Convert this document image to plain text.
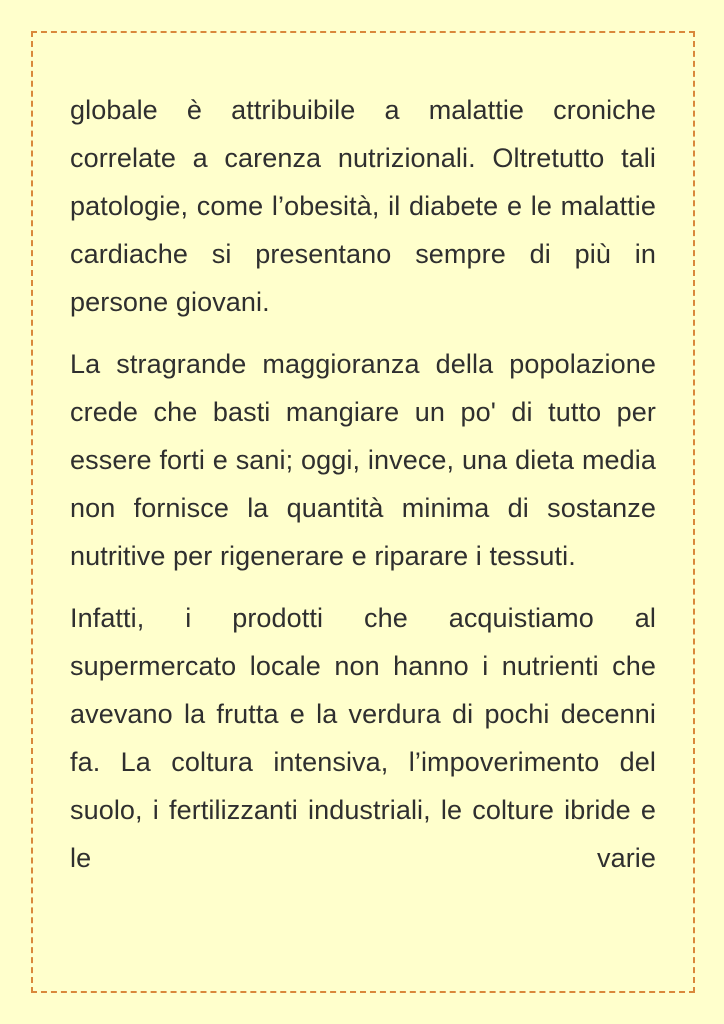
globale è attribuibile a malattie croniche correlate a carenza nutrizionali. Oltretutto tali patologie, come l’obesità, il diabete e le malattie cardiache si presentano sempre di più in persone giovani.

La stragrande maggioranza della popolazione crede che basti mangiare un po' di tutto per essere forti e sani; oggi, invece, una dieta media non fornisce la quantità minima di sostanze nutritive per rigenerare e riparare i tessuti.

Infatti, i prodotti che acquistiamo al supermercato locale non hanno i nutrienti che avevano la frutta e la verdura di pochi decenni fa. La coltura intensiva, l’impoverimento del suolo, i fertilizzanti industriali, le colture ibride e le varie
